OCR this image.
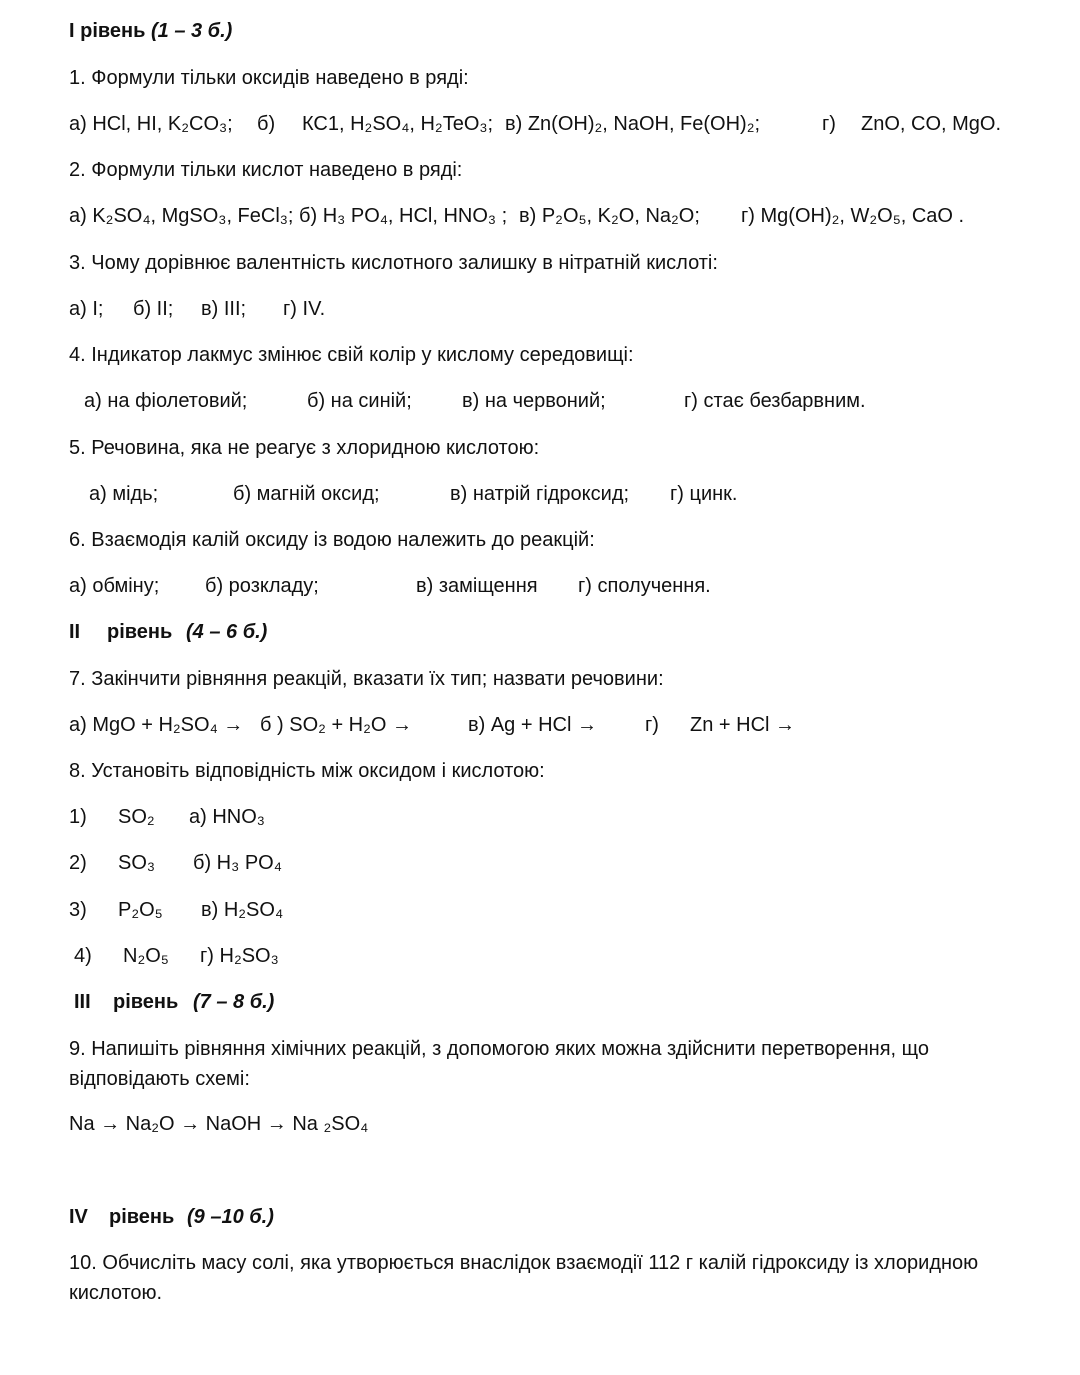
І рівень (1 – 3 б.)
1. Формули тільки оксидів наведено в ряді:
а) HCl, HI, K₂CO₃; б) КС1, H₂SO₄, H₂TeO₃; в) Zn(OH)₂, NaOH, Fe(OH)₂;	г) ZnO, CO, MgO.
2. Формули тільки кислот наведено в ряді:
а) K₂SO₄, MgSO₃, FeCl₃; б) H₃ PO₄, HCl, HNO₃ ; в) P₂O₅, K₂O, Na₂O; г) Mg(OH)₂, W₂O₅, CaO .
3. Чому дорівнює валентність кислотного залишку в нітратній кислоті:
а) І; б) ІІ; в) ІІІ; г) ІV.
4. Індикатор лакмус змінює свій колір у кислому середовищі:
а) на фіолетовий;	б) на синій;	в) на червоний;	г) стає безбарвним.
5. Речовина, яка не реагує з хлоридною кислотою:
а) мідь;	б) магній оксид;	в) натрій гідроксид; г) цинк.
6. Взаємодія калій оксиду із водою належить до реакцій:
а) обміну; б) розкладу;	в) заміщення г) сполучення.
ІІ рівень (4 – 6 б.)
7. Закінчити рівняння реакцій, вказати їх тип; назвати речовини:
а) MgO + H₂SO₄ → б ) SO₂ + H₂O →	в) Ag + HCl → г) Zn + HCl →
8. Установіть відповідність між оксидом і кислотою:
1) SO₂ а) HNO₃
2) SO₃ б) H₃ PO₄
3) P₂O₅ в) H₂SO₄
4) N₂O₅ г) H₂SO₃
ІІІ рівень (7 – 8 б.)
9. Напишіть рівняння хімічних реакцій, з допомогою яких можна здійснити перетворення, що відповідають схемі:
Na → Na₂O → NaOH → Na ₂SO₄
ІV рівень (9 –10 б.)
10. Обчисліть масу солі, яка утворюється внаслідок взаємодії 112 г калій гідроксиду із хлоридною кислотою.
